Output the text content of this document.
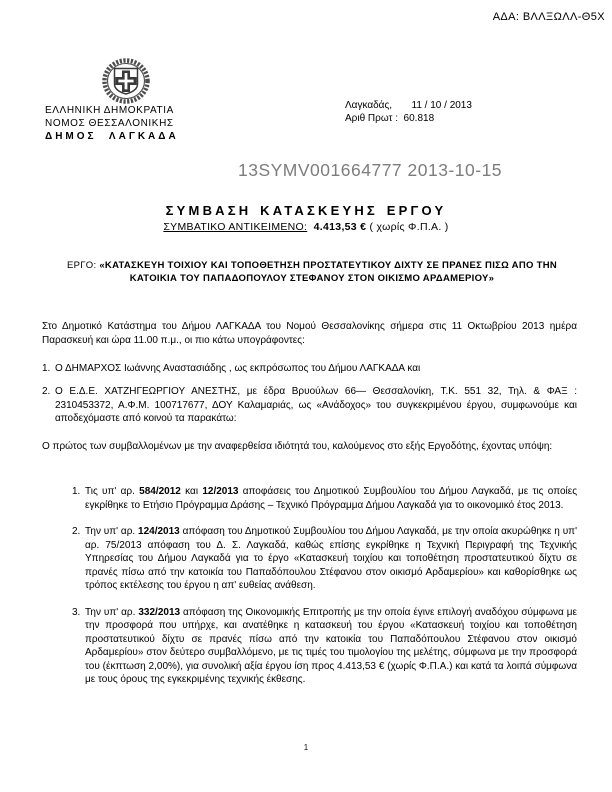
ΑΔΑ: ΒΛΛΞΩΛΛ-Θ5Χ
ΕΛΛΗΝΙΚΗ ΔΗΜΟΚΡΑΤΙΑ
ΝΟΜΟΣ ΘΕΣΣΑΛΟΝΙΚΗΣ
ΔΗΜΟΣ ΛΑΓΚΑΔΑ
Λαγκαδάς,       11 / 10 / 2013
Αριθ Πρωτ :  60.818
13SYMV001664777 2013-10-15
ΣΥΜΒΑΣΗ ΚΑΤΑΣΚΕΥΗΣ ΕΡΓΟΥ
ΣΥΜΒΑΤΙΚΟ ΑΝΤΙΚΕΙΜΕΝΟ: 4.413,53 € ( χωρίς Φ.Π.Α. )
ΕΡΓΟ: «ΚΑΤΑΣΚΕΥΗ ΤΟΙΧΙΟΥ ΚΑΙ ΤΟΠΟΘΕΤΗΣΗ ΠΡΟΣΤΑΤΕΥΤΙΚΟΥ ΔΙΧΤΥ ΣΕ ΠΡΑΝΕΣ ΠΙΣΩ ΑΠΟ ΤΗΝ ΚΑΤΟΙΚΙΑ ΤΟΥ ΠΑΠΑΔΟΠΟΥΛΟΥ ΣΤΕΦΑΝΟΥ ΣΤΟΝ ΟΙΚΙΣΜΟ ΑΡΔΑΜΕΡΙΟΥ»
Στο Δημοτικό Κατάστημα του Δήμου ΛΑΓΚΑΔΑ του Νομού Θεσσαλονίκης σήμερα στις 11 Οκτωβρίου 2013 ημέρα Παρασκευή και ώρα 11.00 π.μ., οι πιο κάτω υπογράφοντες:
1. Ο ΔΗΜΑΡΧΟΣ Ιωάννης Αναστασιάδης , ως εκπρόσωπος του Δήμου ΛΑΓΚΑΔΑ και
2. Ο Ε.Δ.Ε. ΧΑΤΖΗΓΕΩΡΓΙΟΥ ΑΝΕΣΤΗΣ, με έδρα Βρυούλων 66— Θεσσαλονίκη, Τ.Κ. 551 32, Τηλ. & ΦΑΞ : 2310453372, Α.Φ.Μ. 100717677, ΔΟΥ Καλαμαριάς, ως «Ανάδοχος» του συγκεκριμένου έργου, συμφωνούμε και αποδεχόμαστε από κοινού τα παρακάτω:
Ο πρώτος των συμβαλλομένων με την αναφερθείσα ιδιότητά του, καλούμενος στο εξής Εργοδότης, έχοντας υπόψη:
1. Τις υπ' αρ. 584/2012 και 12/2013 αποφάσεις του Δημοτικού Συμβουλίου του Δήμου Λαγκαδά, με τις οποίες εγκρίθηκε το Ετήσιο Πρόγραμμα Δράσης – Τεχνικό Πρόγραμμα Δήμου Λαγκαδά για το οικονομικό έτος 2013.
2. Την υπ' αρ. 124/2013 απόφαση του Δημοτικού Συμβουλίου του Δήμου Λαγκαδά, με την οποία ακυρώθηκε η υπ' αρ. 75/2013 απόφαση του Δ. Σ. Λαγκαδά, καθώς επίσης εγκρίθηκε η Τεχνική Περιγραφή της Τεχνικής Υπηρεσίας του Δήμου Λαγκαδά για το έργο «Κατασκευή τοιχίου και τοποθέτηση προστατευτικού δίχτυ σε πρανές πίσω από την κατοικία του Παπαδόπουλου Στέφανου στον οικισμό Αρδαμερίου» και καθορίσθηκε ως τρόπος εκτέλεσης του έργου η απ' ευθείας ανάθεση.
3. Την υπ' αρ. 332/2013 απόφαση της Οικονομικής Επιτροπής με την οποία έγινε επιλογή αναδόχου σύμφωνα με την προσφορά που υπήρχε, και ανατέθηκε η κατασκευή του έργου «Κατασκευή τοιχίου και τοποθέτηση προστατευτικού δίχτυ σε πρανές πίσω από την κατοικία του Παπαδόπουλου Στέφανου στον οικισμό Αρδαμερίου» στον δεύτερο συμβαλλόμενο, με τις τιμές του τιμολογίου της μελέτης, σύμφωνα με την προσφορά του (έκπτωση 2,00%), για συνολική αξία έργου ίση προς 4.413,53 € (χωρίς Φ.Π.Α.) και κατά τα λοιπά σύμφωνα με τους όρους της εγκεκριμένης τεχνικής έκθεσης.
1
